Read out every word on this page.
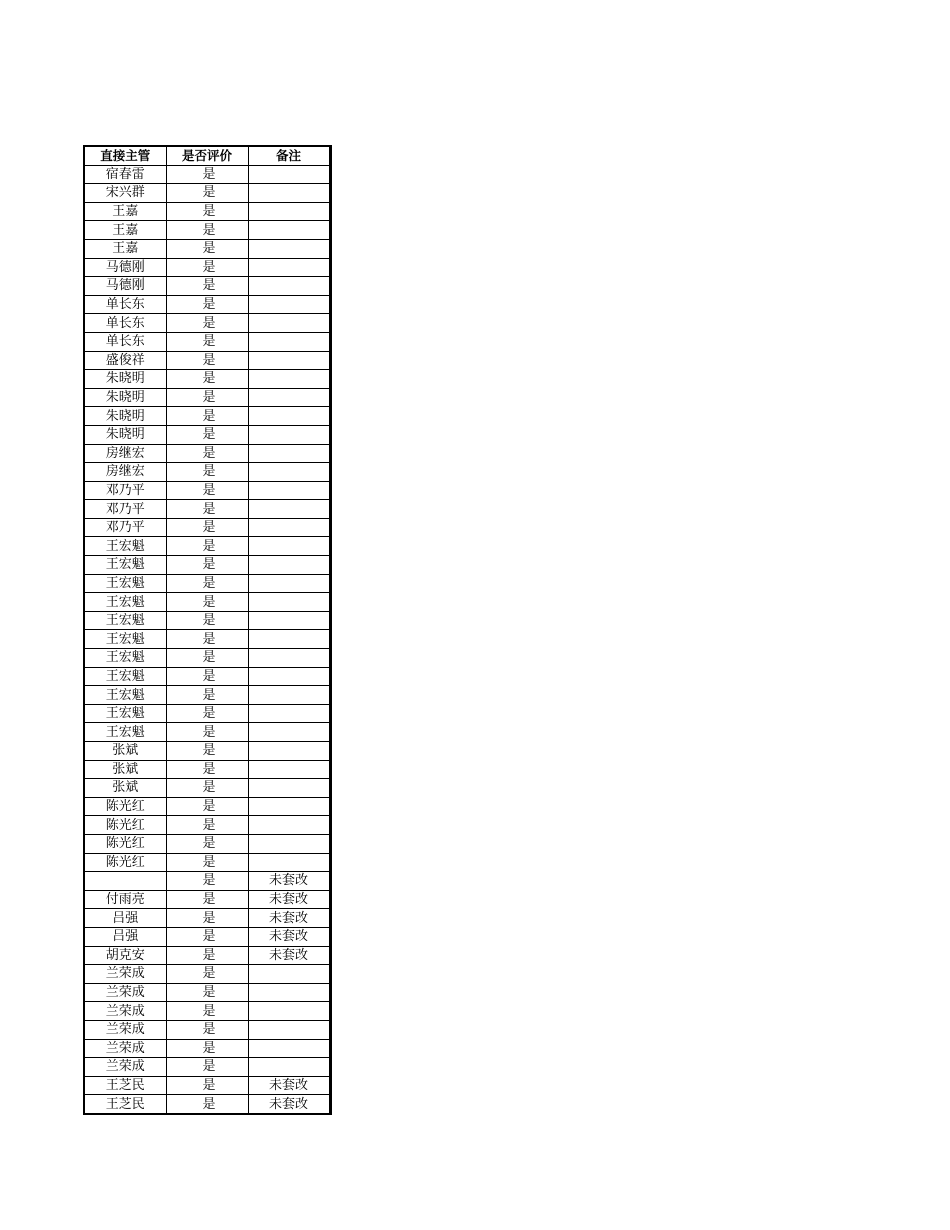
直接主管	是否评价	备注
宿春雷	是	
宋兴群	是	
王嘉	是	
王嘉	是	
王嘉	是	
马德刚	是	
马德刚	是	
单长东	是	
单长东	是	
单长东	是	
盛俊祥	是	
朱晓明	是	
朱晓明	是	
朱晓明	是	
朱晓明	是	
房继宏	是	
房继宏	是	
邓乃平	是	
邓乃平	是	
邓乃平	是	
王宏魁	是	
王宏魁	是	
王宏魁	是	
王宏魁	是	
王宏魁	是	
王宏魁	是	
王宏魁	是	
王宏魁	是	
王宏魁	是	
王宏魁	是	
王宏魁	是	
张斌	是	
张斌	是	
张斌	是	
陈光红	是	
陈光红	是	
陈光红	是	
陈光红	是	
	是	未套改
付雨亮	是	未套改
吕强	是	未套改
吕强	是	未套改
胡克安	是	未套改
兰荣成	是	
兰荣成	是	
兰荣成	是	
兰荣成	是	
兰荣成	是	
兰荣成	是	
王芝民	是	未套改
王芝民	是	未套改
